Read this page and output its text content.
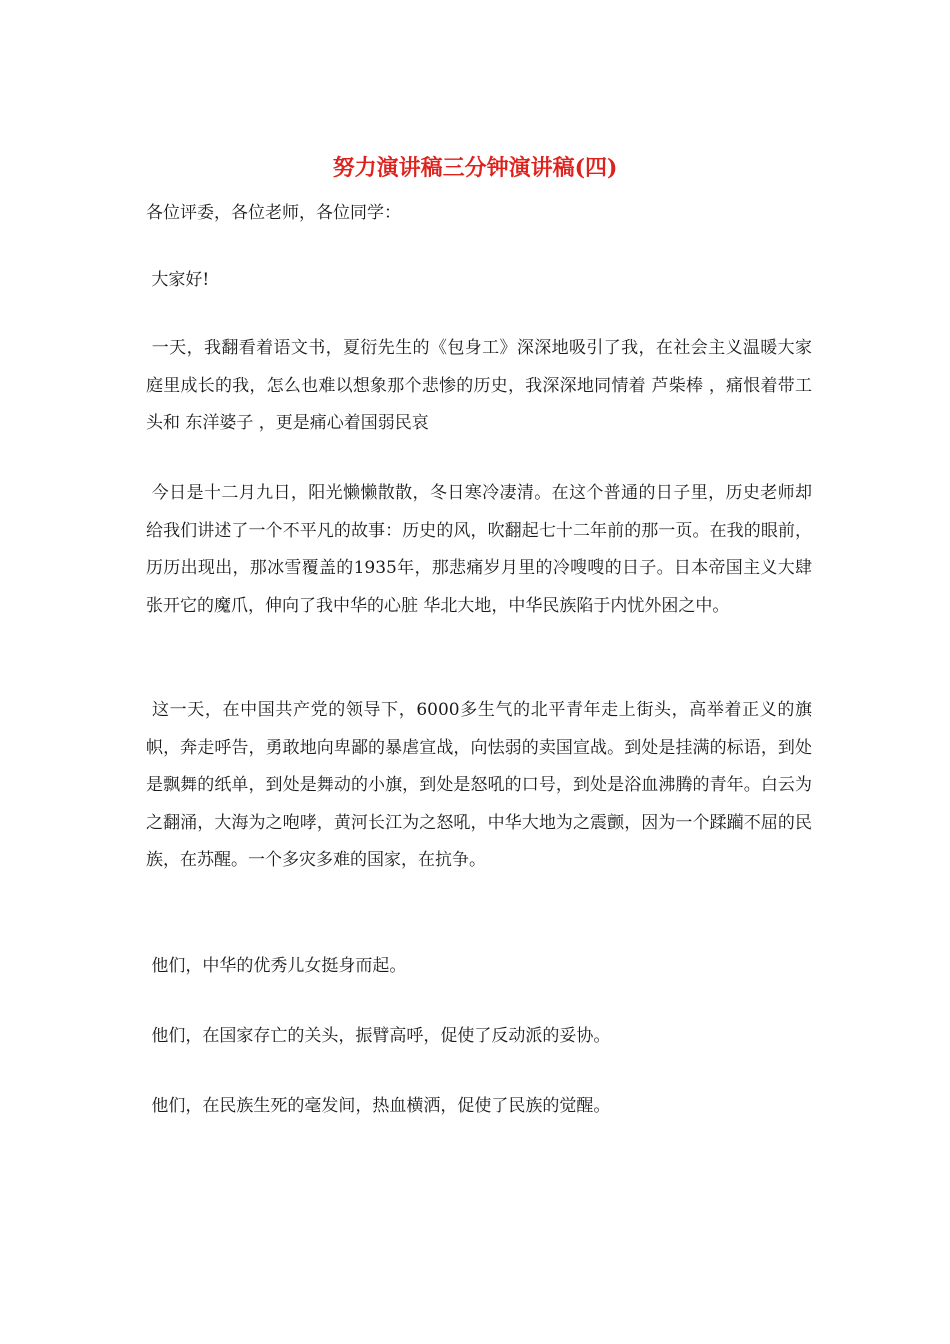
努力演讲稿三分钟演讲稿(四)

各位评委，各位老师，各位同学：

大家好!

一天，我翻看着语文书，夏衍先生的《包身工》深深地吸引了我，在社会主义温暖大家庭里成长的我，怎么也难以想象那个悲惨的历史，我深深地同情着 芦柴棒 ，痛恨着带工头和 东洋婆子 ，更是痛心着国弱民哀

今日是十二月九日，阳光懒懒散散，冬日寒冷凄清。在这个普通的日子里，历史老师却给我们讲述了一个不平凡的故事：历史的风，吹翻起七十二年前的那一页。在我的眼前，历历出现出，那冰雪覆盖的1935年，那悲痛岁月里的冷嗖嗖的日子。日本帝国主义大肆张开它的魔爪，伸向了我中华的心脏 华北大地，中华民族陷于内忧外困之中。

这一天，在中国共产党的领导下，6000多生气的北平青年走上街头，高举着正义的旗帜，奔走呼告，勇敢地向卑鄙的暴虐宣战，向怯弱的卖国宣战。到处是挂满的标语，到处是飘舞的纸单，到处是舞动的小旗，到处是怒吼的口号，到处是浴血沸腾的青年。白云为之翻涌，大海为之咆哮，黄河长江为之怒吼，中华大地为之震颤，因为一个蹂躏不屈的民族，在苏醒。一个多灾多难的国家，在抗争。

他们，中华的优秀儿女挺身而起。

他们，在国家存亡的关头，振臂高呼，促使了反动派的妥协。

他们，在民族生死的毫发间，热血横洒，促使了民族的觉醒。
